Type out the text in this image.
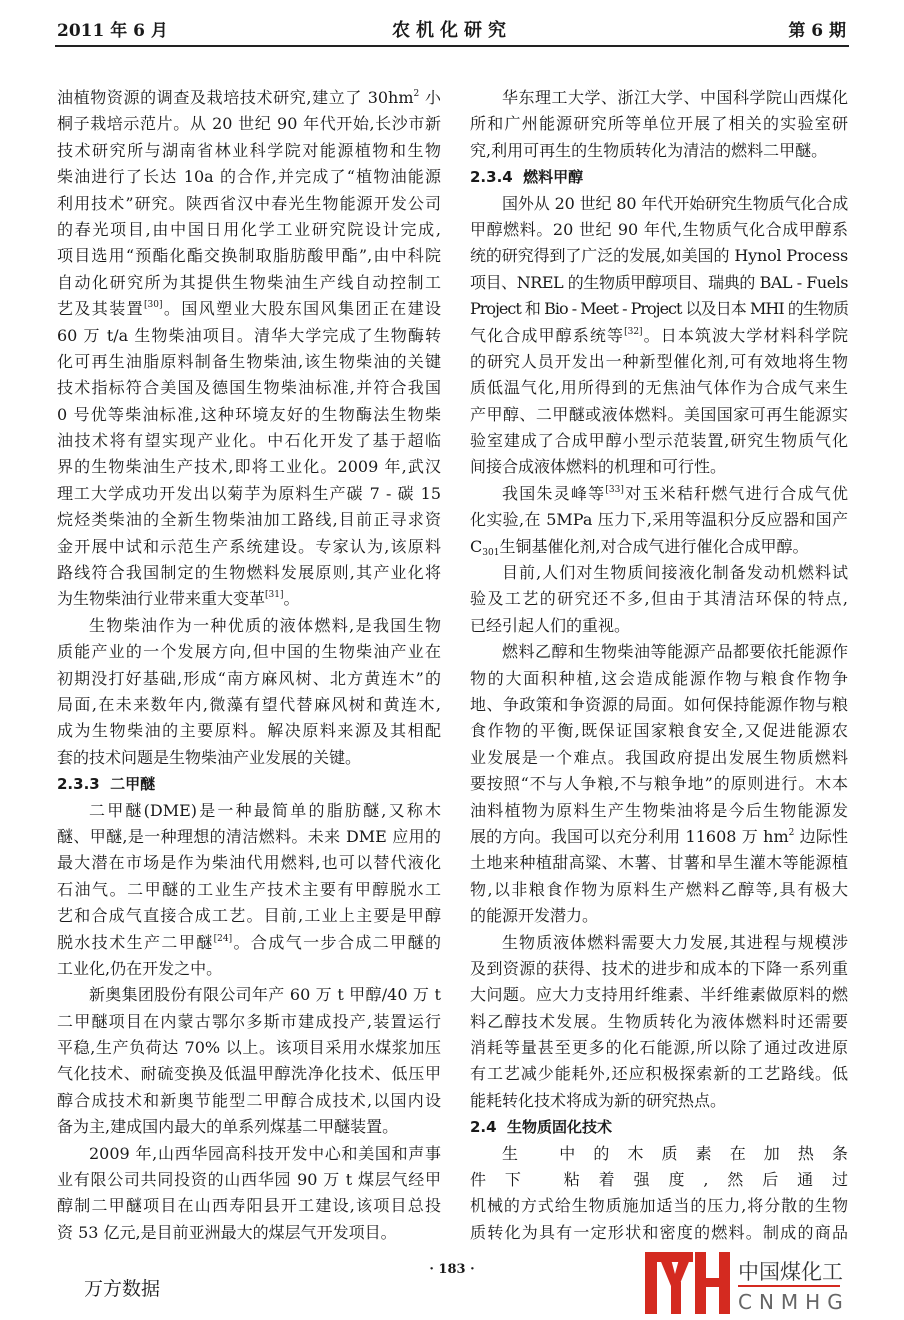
2011 年 6 月	农机化研究	第 6 期
油植物资源的调查及栽培技术研究,建立了 $30hm^2$ 小
桐子栽培示范片。从 20 世纪 90 年代开始,长沙市新
技术研究所与湖南省林业科学院对能源植物和生物
柴油进行了长达 10a 的合作,并完成了“植物油能源
利用技术”研究。陕西省汉中春光生物能源开发公司
的春光项目,由中国日用化学工业研究院设计完成,
项目选用“预酯化酯交换制取脂肪酸甲酯”,由中科院
自动化研究所为其提供生物柴油生产线自动控制工
艺及其装置[30]。国风塑业大股东国风集团正在建设
60 万 t/a 生物柴油项目。清华大学完成了生物酶转
化可再生油脂原料制备生物柴油,该生物柴油的关键
技术指标符合美国及德国生物柴油标准,并符合我国
0 号优等柴油标准,这种环境友好的生物酶法生物柴
油技术将有望实现产业化。中石化开发了基于超临
界的生物柴油生产技术,即将工业化。2009 年,武汉
理工大学成功开发出以菊芋为原料生产碳 7 - 碳 15
烷烃类柴油的全新生物柴油加工路线,目前正寻求资
金开展中试和示范生产系统建设。专家认为,该原料
路线符合我国制定的生物燃料发展原则,其产业化将
为生物柴油行业带来重大变革[31]。
生物柴油作为一种优质的液体燃料,是我国生物
质能产业的一个发展方向,但中国的生物柴油产业在
初期没打好基础,形成“南方麻风树、北方黄连木”的
局面,在未来数年内,微藻有望代替麻风树和黄连木,
成为生物柴油的主要原料。解决原料来源及其相配
套的技术问题是生物柴油产业发展的关键。
2.3.3  二甲醚
二甲醚(DME)是一种最简单的脂肪醚,又称木
醚、甲醚,是一种理想的清洁燃料。未来 DME 应用的
最大潜在市场是作为柴油代用燃料,也可以替代液化
石油气。二甲醚的工业生产技术主要有甲醇脱水工
艺和合成气直接合成工艺。目前,工业上主要是甲醇
脱水技术生产二甲醚[24]。合成气一步合成二甲醚的
工业化,仍在开发之中。
新奥集团股份有限公司年产 60 万 t 甲醇/40 万 t
二甲醚项目在内蒙古鄂尔多斯市建成投产,装置运行
平稳,生产负荷达 70% 以上。该项目采用水煤浆加压
气化技术、耐硫变换及低温甲醇洗净化技术、低压甲
醇合成技术和新奥节能型二甲醇合成技术,以国内设
备为主,建成国内最大的单系列煤基二甲醚装置。
2009 年,山西华园高科技开发中心和美国和声事
业有限公司共同投资的山西华园 90 万 t 煤层气经甲
醇制二甲醚项目在山西寿阳县开工建设,该项目总投
资 53 亿元,是目前亚洲最大的煤层气开发项目。
华东理工大学、浙江大学、中国科学院山西煤化
所和广州能源研究所等单位开展了相关的实验室研
究,利用可再生的生物质转化为清洁的燃料二甲醚。
2.3.4  燃料甲醇
国外从 20 世纪 80 年代开始研究生物质气化合成
甲醇燃料。20 世纪 90 年代,生物质气化合成甲醇系
统的研究得到了广泛的发展,如美国的 Hynol Process
项目、NREL 的生物质甲醇项目、瑞典的 BAL - Fuels
Project 和 Bio - Meet - Project 以及日本 MHI 的生物质
气化合成甲醇系统等[32]。日本筑波大学材料科学院
的研究人员开发出一种新型催化剂,可有效地将生物
质低温气化,用所得到的无焦油气体作为合成气来生
产甲醇、二甲醚或液体燃料。美国国家可再生能源实
验室建成了合成甲醇小型示范装置,研究生物质气化
间接合成液体燃料的机理和可行性。
我国朱灵峰等[33]对玉米秸秆燃气进行合成气优
化实验,在 5MPa 压力下,采用等温积分反应器和国产
$C_{301}$生铜基催化剂,对合成气进行催化合成甲醇。
目前,人们对生物质间接液化制备发动机燃料试
验及工艺的研究还不多,但由于其清洁环保的特点,
已经引起人们的重视。
燃料乙醇和生物柴油等能源产品都要依托能源作
物的大面积种植,这会造成能源作物与粮食作物争
地、争政策和争资源的局面。如何保持能源作物与粮
食作物的平衡,既保证国家粮食安全,又促进能源农
业发展是一个难点。我国政府提出发展生物质燃料
要按照“不与人争粮,不与粮争地”的原则进行。木本
油料植物为原料生产生物柴油将是今后生物能源发
展的方向。我国可以充分利用 11608 万 $hm^2$ 边际性
土地来种植甜高粱、木薯、甘薯和旱生灌木等能源植
物,以非粮食作物为原料生产燃料乙醇等,具有极大
的能源开发潜力。
生物质液体燃料需要大力发展,其进程与规模涉
及到资源的获得、技术的进步和成本的下降一系列重
大问题。应大力支持用纤维素、半纤维素做原料的燃
料乙醇技术发展。生物质转化为液体燃料时还需要
消耗等量甚至更多的化石能源,所以除了通过改进原
有工艺减少能耗外,还应积极探索新的工艺路线。低
能耗转化技术将成为新的研究热点。
2.4  生物质固化技术
生 中的木质素在加热条
件下 粘着强度,然后通过
机械的方式给生物质施加适当的压力,将分散的生物
质转化为具有一定形状和密度的燃料。制成的商品
中国煤化工
CNMHG
· 183 ·
万方数据
